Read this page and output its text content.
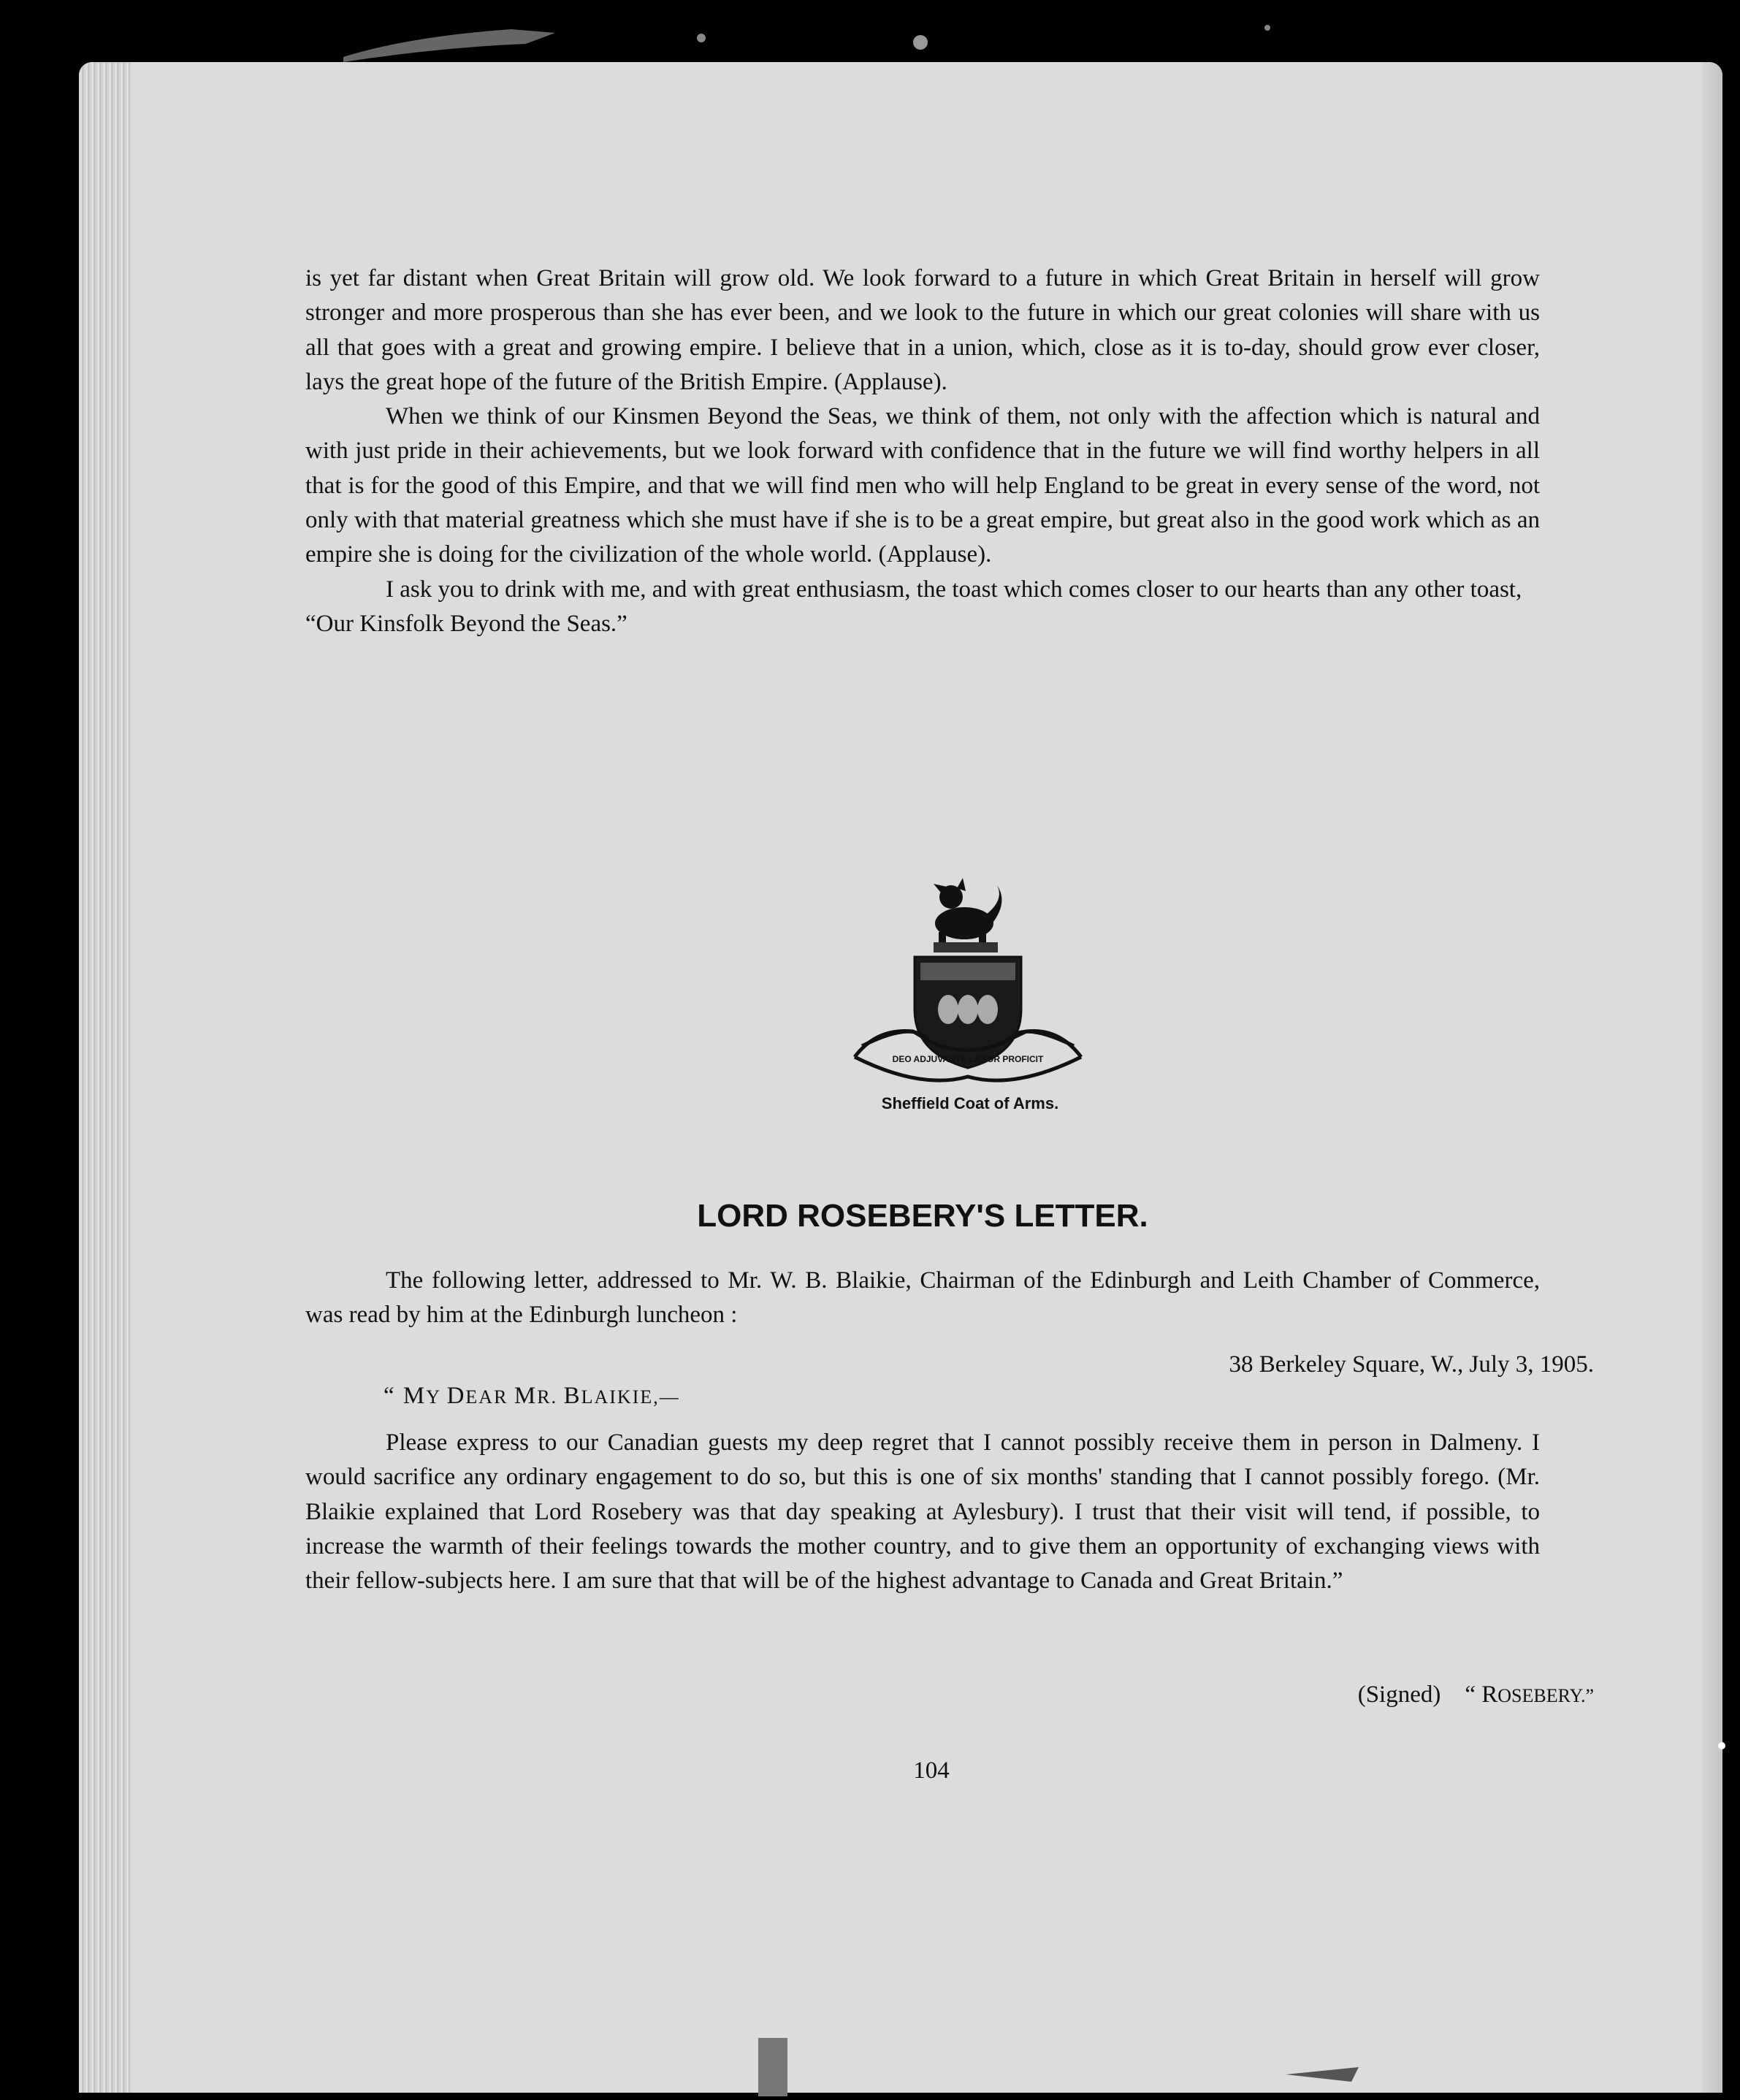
is yet far distant when Great Britain will grow old. We look forward to a future in which Great Britain in herself will grow stronger and more prosperous than she has ever been, and we look to the future in which our great colonies will share with us all that goes with a great and growing empire. I believe that in a union, which, close as it is to-day, should grow ever closer, lays the great hope of the future of the British Empire. (Applause).

When we think of our Kinsmen Beyond the Seas, we think of them, not only with the affection which is natural and with just pride in their achievements, but we look forward with confidence that in the future we will find worthy helpers in all that is for the good of this Empire, and that we will find men who will help England to be great in every sense of the word, not only with that material greatness which she must have if she is to be a great empire, but great also in the good work which as an empire she is doing for the civilization of the whole world. (Applause).

I ask you to drink with me, and with great enthusiasm, the toast which comes closer to our hearts than any other toast, “Our Kinsfolk Beyond the Seas.”

DEO ADJUVANTE LABOR PROFICIT
Sheffield Coat of Arms.
LORD ROSEBERY'S LETTER.

The following letter, addressed to Mr. W. B. Blaikie, Chairman of the Edinburgh and Leith Chamber of Commerce, was read by him at the Edinburgh luncheon :

38 Berkeley Square, W., July 3, 1905.
“ MY DEAR MR. BLAIKIE,—

Please express to our Canadian guests my deep regret that I cannot possibly receive them in person in Dalmeny. I would sacrifice any ordinary engagement to do so, but this is one of six months' standing that I cannot possibly forego. (Mr. Blaikie explained that Lord Rosebery was that day speaking at Aylesbury). I trust that their visit will tend, if possible, to increase the warmth of their feelings towards the mother country, and to give them an opportunity of exchanging views with their fellow-subjects here. I am sure that that will be of the highest advantage to Canada and Great Britain.”

(Signed) “ ROSEBERY.”
104
